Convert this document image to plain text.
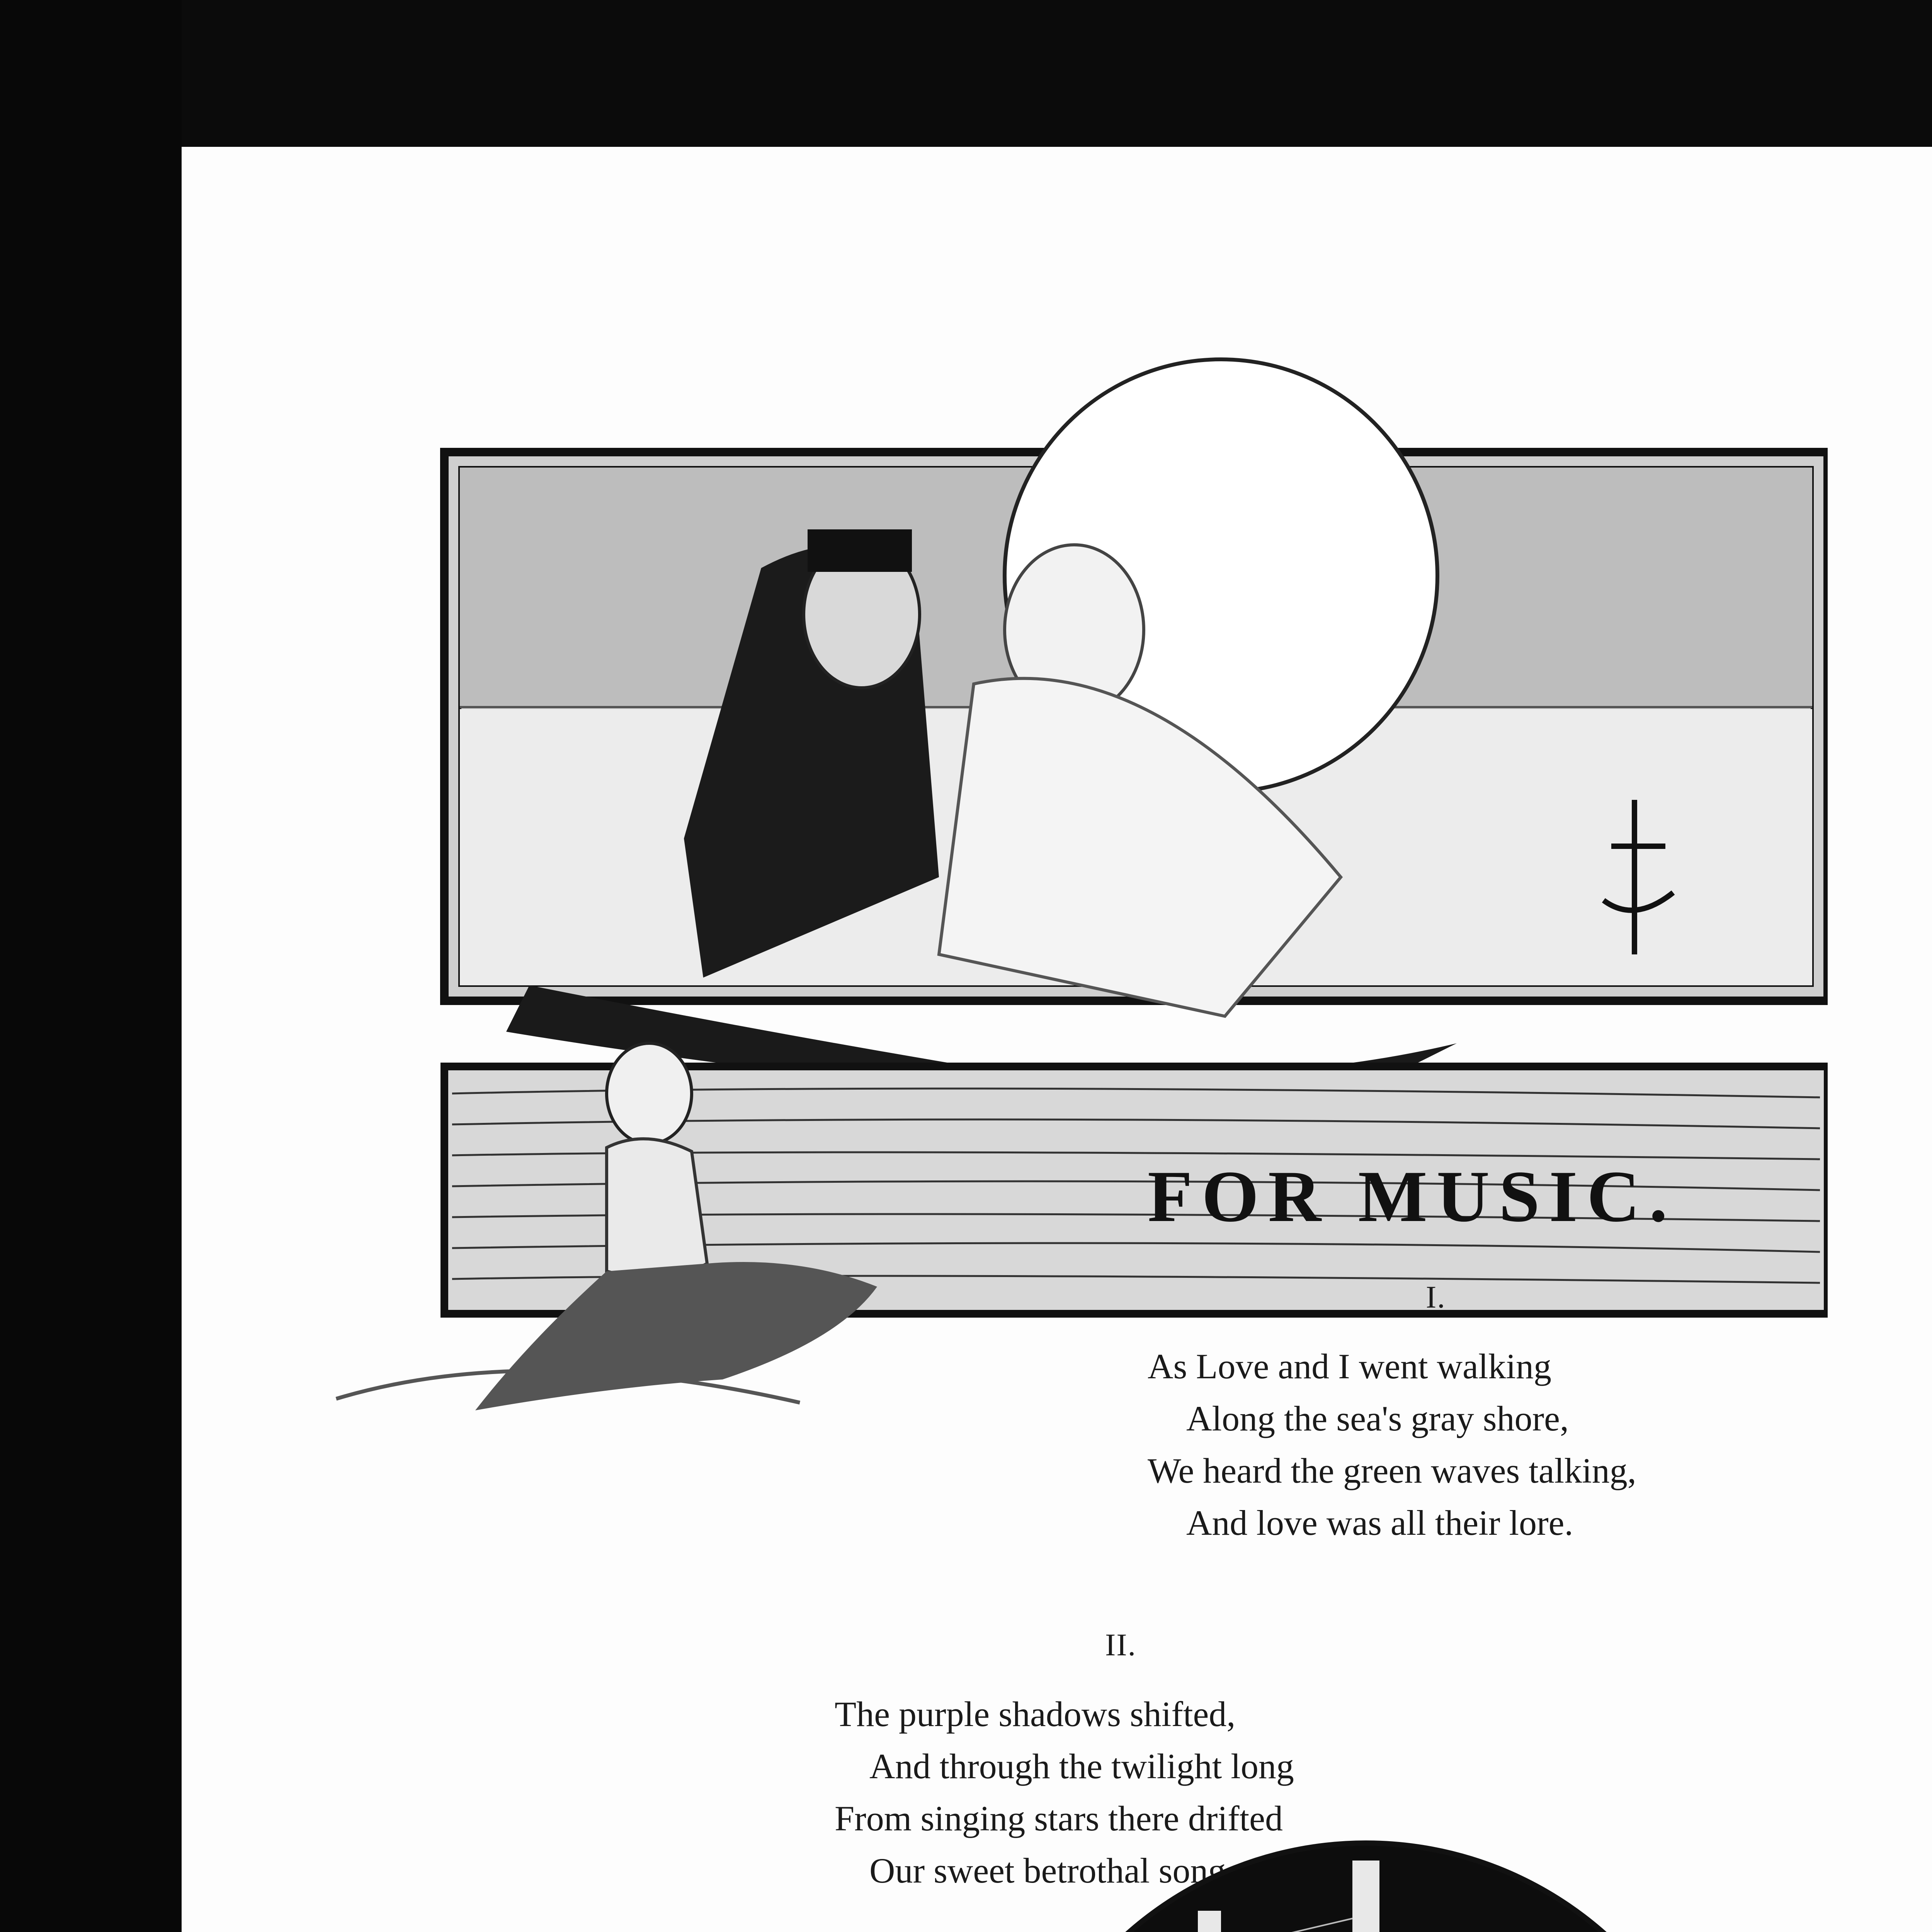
FOR MUSIC.
I.
As Love and I went walking
Along the sea's gray shore,
We heard the green waves talking,
And love was all their lore.
II.
The purple shadows shifted,
And through the twilight long
From singing stars there drifted
Our sweet betrothal song
